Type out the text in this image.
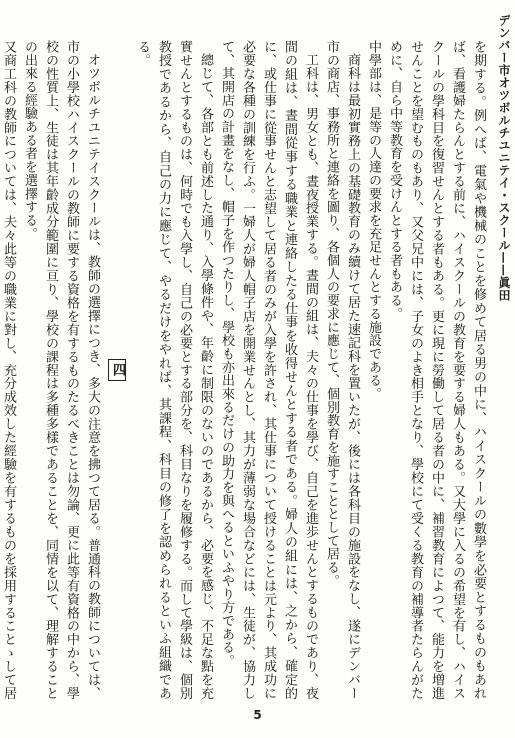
デンバー市オツボルチユニテイ・スクール——眞田

を期する。例へば、電氣や機械のことを修めて居る男の中に、ハイスクールの數學を必要とするものもあれば、看護婦たらんとする前に、ハイスクールの教育を要する婦人もある。又大學に入るの希望を有し、ハイスクールの學科目を復習せんとする者もある。更に現に勞働して居る者の中に、補習教育によつて、能力を増進せんことを望むものもあり、又父兄中には、子女のよき相手となり、學校にて受くる教育の補導者たらんがために、自ら中等教育を受けんとする者もある。

中學部は、是等の人達の要求を充足せんとする施設である。

商科は最初實務上の基礎教育のみ續けて居た速記科を置いたが、後には各科目の施設をなし、遂にデンバー市の商店、事務所と連絡を圖り、各個人の要求に應じて、個別教育を施すこととして居る。

工科は、男女とも、晝夜授業する。晝間の組は、夫々の仕事を學び、自己を進歩せんとするものであり、夜間の組は、晝間從事する職業と連絡したる仕事を收得せんとする者である。婦人の組には、之から、確定的に、或仕事に從事せんと志望して居る者のみが入學を許され、其仕事について授けることは元より、其成功に必要な各種の訓練を行ふ。一婦人が婦人帽子店を開業せんとし、其力が薄弱な場合などには、生徒が、協力して、其開店の計畫をなし、帽子を作つたりし、學校も亦出來るだけの助力を與へるといふやり方である。

總じて、各部とも前述した通り、入學條件や、年齡に制限のないのであるから、必要を感じ、不足な點を充實せんとするものは、何時でも入學し、自己の必要とする部分を、科目なりを履修する。而して學級は、個別教授であるから、自己の力に應じて、やるだけをやれば、其課程、科目の修了を認められるといふ組織である。

四

オツボルチユニテイスクールは、教師の選擇につき、多大の注意を拂つて居る。普通科の教師については、市の小學校ハイスクールの教師に要する資格を有するものたるべきことは勿論、更に此等有資格の中から、學校の性質上、生徒は其年齡成分範圍に亘り、學校の課程は多種多樣であることを、同情を以て、理解することの出來る經驗ある者を選擇する。

又商工科の教師については、夫々此等の職業に對し、充分成效した經驗を有するものを採用することゝして居

5
